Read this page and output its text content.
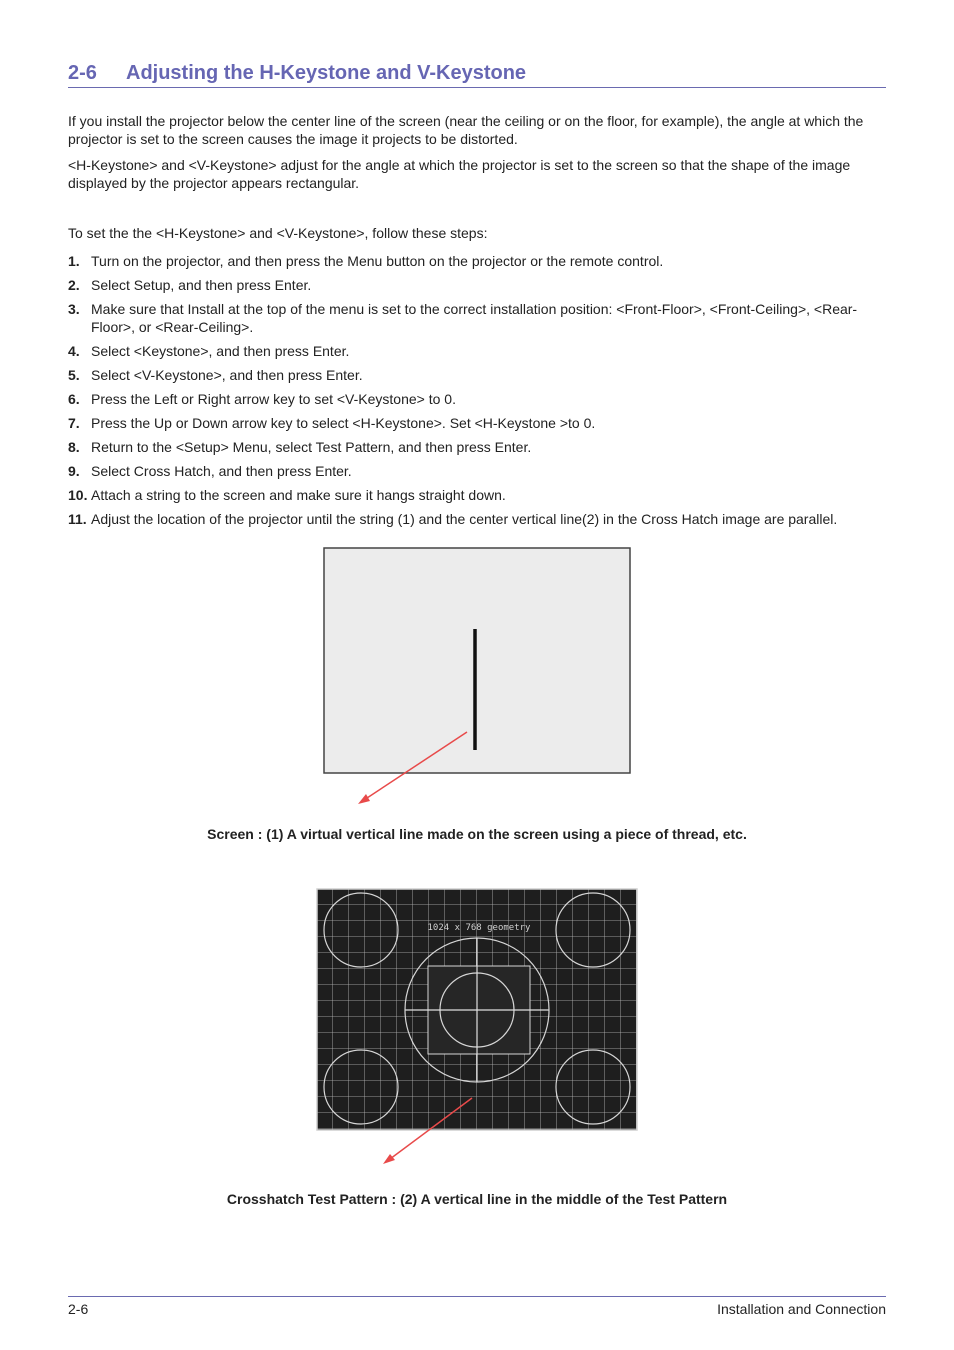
2-6 Adjusting the H-Keystone and V-Keystone

If you install the projector below the center line of the screen (near the ceiling or on the floor, for example), the angle at which the projector is set to the screen causes the image it projects to be distorted.

<H-Keystone> and <V-Keystone> adjust for the angle at which the projector is set to the screen so that the shape of the image displayed by the projector appears rectangular.

To set the the <H-Keystone> and <V-Keystone>, follow these steps:

1. Turn on the projector, and then press the Menu button on the projector or the remote control.
2. Select Setup, and then press Enter.
3. Make sure that Install at the top of the menu is set to the correct installation position: <Front-Floor>, <Front-Ceiling>, <Rear-Floor>, or <Rear-Ceiling>.
4. Select <Keystone>, and then press Enter.
5. Select <V-Keystone>, and then press Enter.
6. Press the Left or Right arrow key to set <V-Keystone> to 0.
7. Press the Up or Down arrow key to select <H-Keystone>. Set <H-Keystone >to 0.
8. Return to the <Setup> Menu, select Test Pattern, and then press Enter.
9. Select Cross Hatch, and then press Enter.
10. Attach a string to the screen and make sure it hangs straight down.
11. Adjust the location of the projector until the string (1) and the center vertical line(2) in the Cross Hatch image are parallel.
Screen : (1) A virtual vertical line made on the screen using a piece of thread, etc.
1024 x 768 geometry
Crosshatch Test Pattern : (2) A vertical line in the middle of the Test Pattern
2-6	Installation and Connection
